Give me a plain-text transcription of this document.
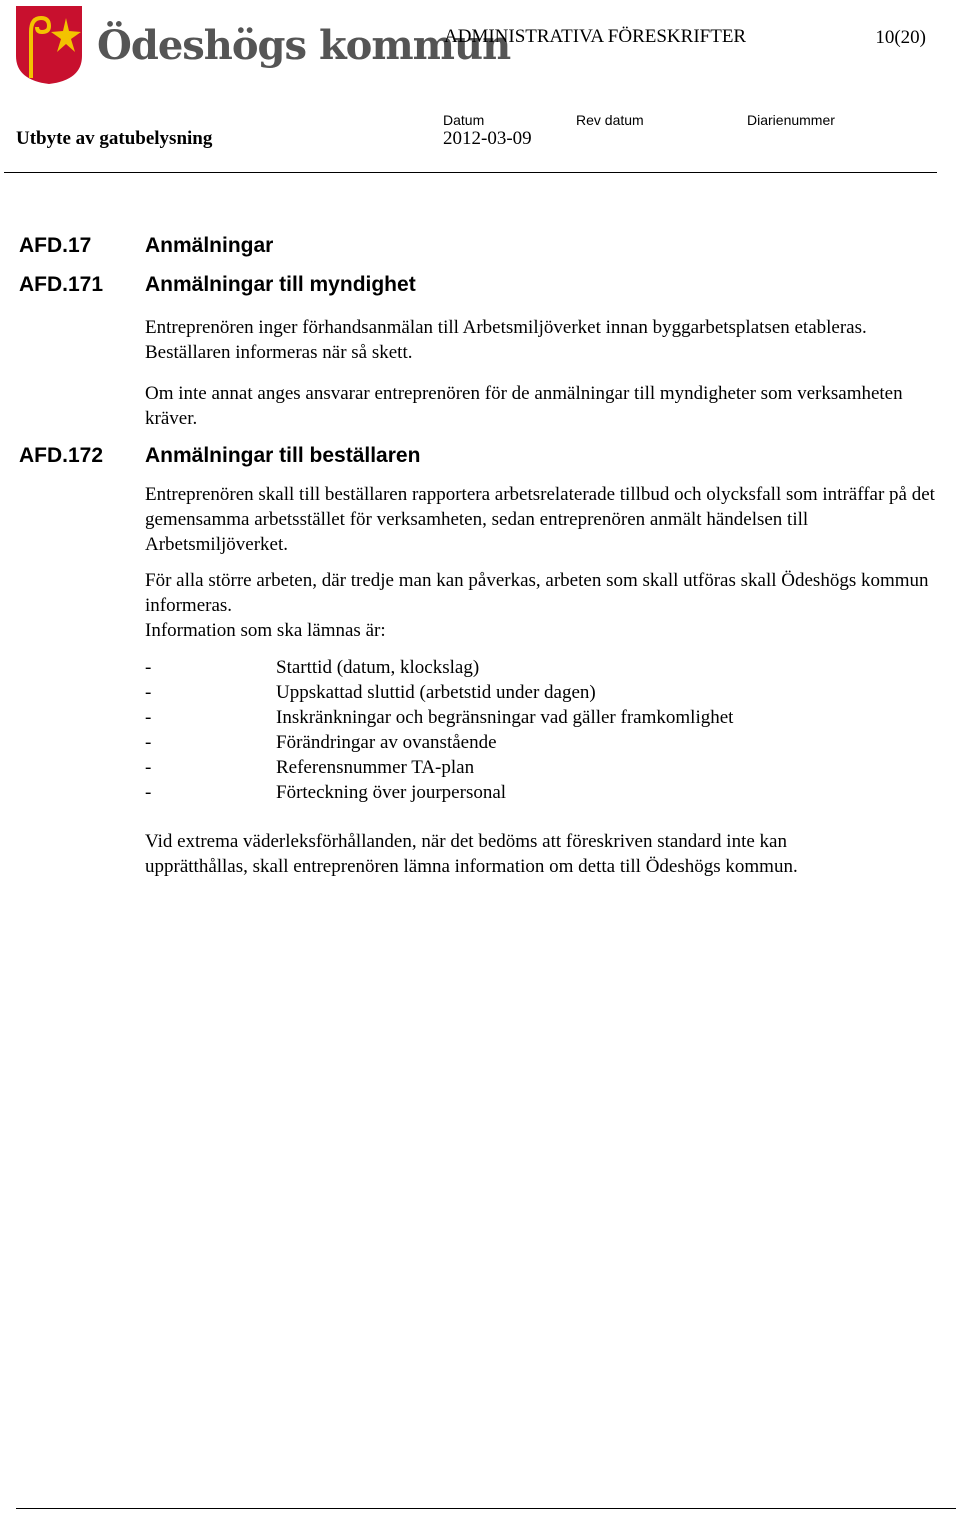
Ödeshögs kommun
ADMINISTRATIVA FÖRESKRIFTER	10(20)
Datum	Rev datum	Diarienummer
Utbyte av gatubelysning	2012-03-09
AFD.17	Anmälningar
AFD.171 Anmälningar till myndighet
Entreprenören inger förhandsanmälan till Arbetsmiljöverket innan byggarbetsplatsen etableras. Beställaren informeras när så skett.
Om inte annat anges ansvarar entreprenören för de anmälningar till myndigheter som verksamheten kräver.
AFD.172 Anmälningar till beställaren
Entreprenören skall till beställaren rapportera arbetsrelaterade tillbud och olycksfall som inträffar på det gemensamma arbetsstället för verksamheten, sedan entreprenören anmält händelsen till Arbetsmiljöverket.
För alla större arbeten, där tredje man kan påverkas, arbeten som skall utföras skall Ödeshögs kommun informeras.
Information som ska lämnas är:
-	Starttid (datum, klockslag)
-	Uppskattad sluttid (arbetstid under dagen)
-	Inskränkningar och begränsningar vad gäller framkomlighet
-	Förändringar av ovanstående
-	Referensnummer TA-plan
-	Förteckning över jourpersonal
Vid extrema väderleksförhållanden, när det bedöms att föreskriven standard inte kan upprätthållas, skall entreprenören lämna information om detta till Ödeshögs kommun.
